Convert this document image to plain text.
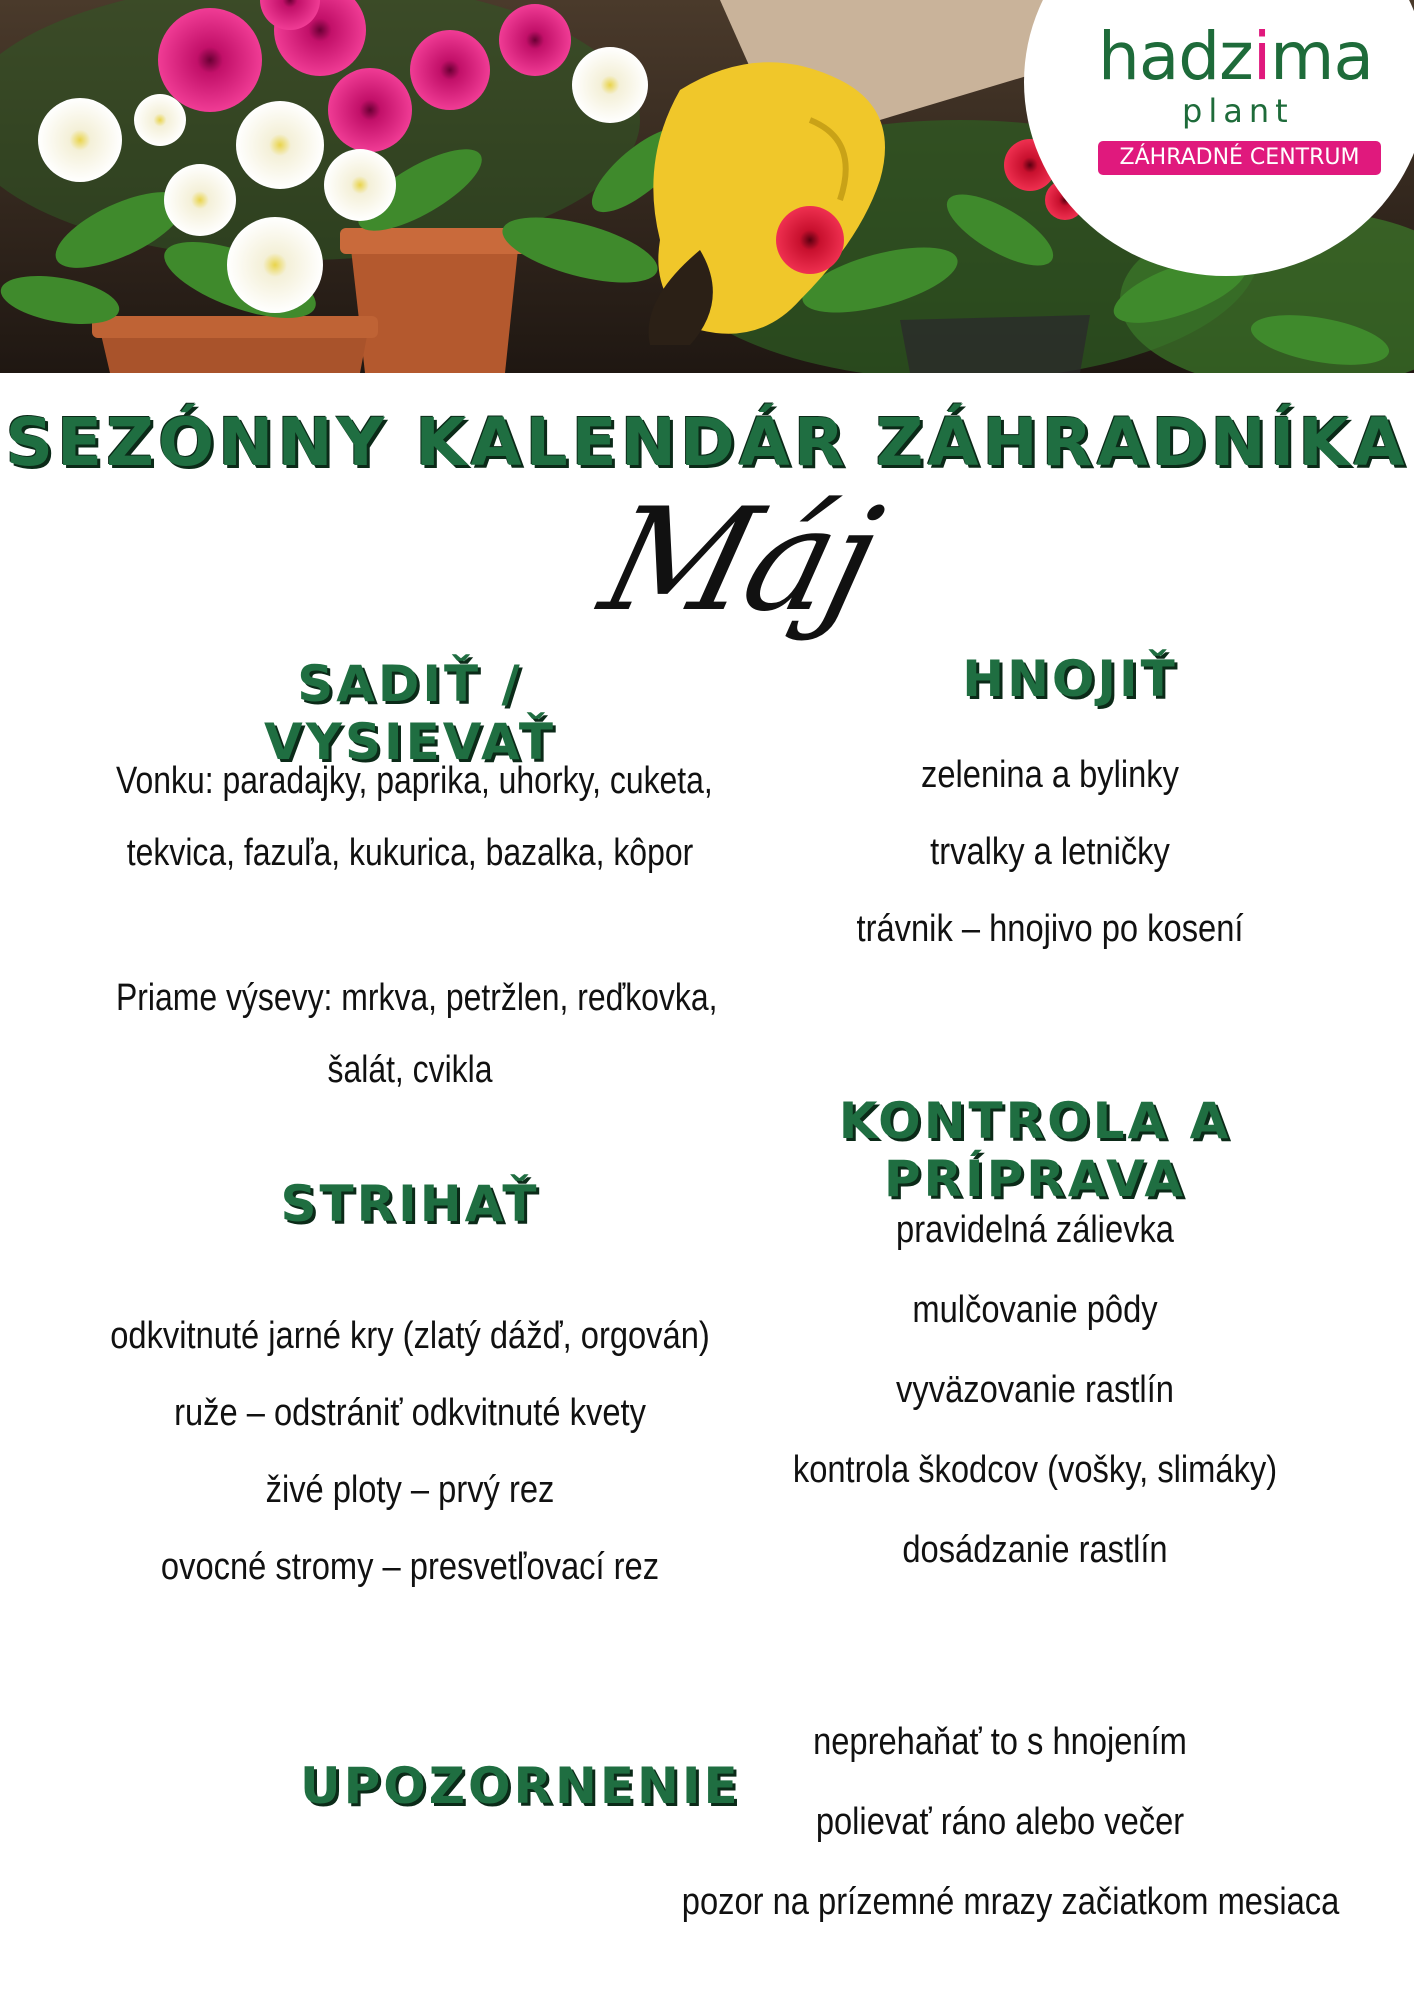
hadzima
plant
ZÁHRADNÉ CENTRUM
SEZÓNNY KALENDÁR ZÁHRADNÍKA
Máj
SADIŤ / VYSIEVAŤ

Vonku: paradajky, paprika, uhorky, cuketa,

tekvica, fazuľa, kukurica, bazalka, kôpor

Priame výsevy: mrkva, petržlen, reďkovka,

šalát, cvikla

HNOJIŤ
zelenina a bylinky
trvalky a letničky
trávnik – hnojivo po kosení
STRIHAŤ
odkvitnuté jarné kry (zlatý dážď, orgován)
ruže – odstrániť odkvitnuté kvety
živé ploty – prvý rez
ovocné stromy – presvetľovací rez
KONTROLA A PRÍPRAVA
pravidelná zálievka
mulčovanie pôdy
vyväzovanie rastlín
kontrola škodcov (vošky, slimáky)
dosádzanie rastlín
UPOZORNENIE
neprehaňať to s hnojením
polievať ráno alebo večer
pozor na prízemné mrazy začiatkom mesiaca
